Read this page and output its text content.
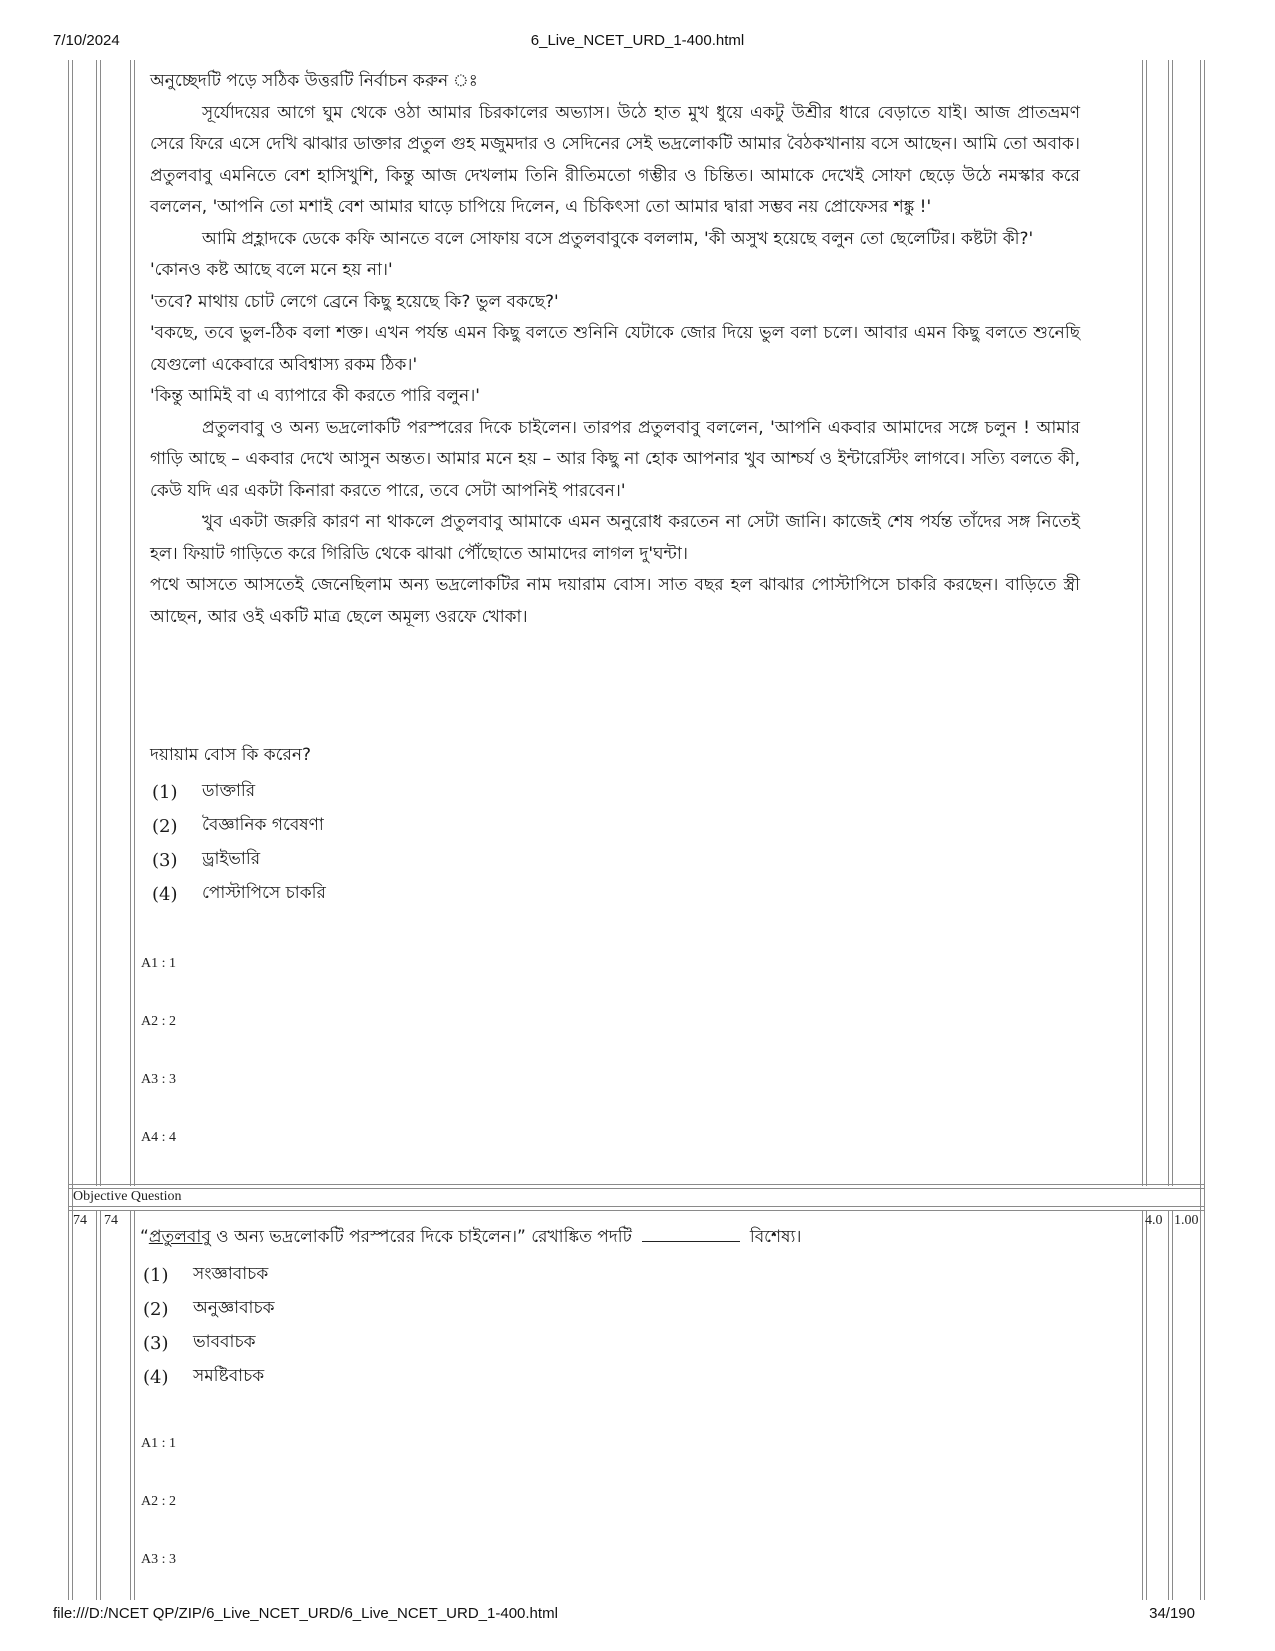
7/10/2024	6_Live_NCET_URD_1-400.html
file:///D:/NCET QP/ZIP/6_Live_NCET_URD/6_Live_NCET_URD_1-400.html	34/190

অনুচ্ছেদটি পড়ে সঠিক উত্তরটি নির্বাচন করুন ঃ

সূর্যোদয়ের আগে ঘুম থেকে ওঠা আমার চিরকালের অভ্যাস। উঠে হাত মুখ ধুয়ে একটু উশ্রীর ধারে বেড়াতে যাই। আজ প্রাতভ্রমণ সেরে ফিরে এসে দেখি ঝাঝার ডাক্তার প্রতুল গুহ মজুমদার ও সেদিনের সেই ভদ্রলোকটি আমার বৈঠকখানায় বসে আছেন। আমি তো অবাক। প্রতুলবাবু এমনিতে বেশ হাসিখুশি, কিন্তু আজ দেখলাম তিনি রীতিমতো গম্ভীর ও চিন্তিত। আমাকে দেখেই সোফা ছেড়ে উঠে নমস্কার করে বললেন, 'আপনি তো মশাই বেশ আমার ঘাড়ে চাপিয়ে দিলেন, এ চিকিৎসা তো আমার দ্বারা সম্ভব নয় প্রোফেসর শঙ্কু !'

আমি প্রহ্লাদকে ডেকে কফি আনতে বলে সোফায় বসে প্রতুলবাবুকে বললাম, 'কী অসুখ হয়েছে বলুন তো ছেলেটির। কষ্টটা কী?'

'কোনও কষ্ট আছে বলে মনে হয় না।'

'তবে? মাথায় চোট লেগে ব্রেনে কিছু হয়েছে কি? ভুল বকছে?'

'বকছে, তবে ভুল-ঠিক বলা শক্ত। এখন পর্যন্ত এমন কিছু বলতে শুনিনি যেটাকে জোর দিয়ে ভুল বলা চলে। আবার এমন কিছু বলতে শুনেছি যেগুলো একেবারে অবিশ্বাস্য রকম ঠিক।'

'কিন্তু আমিই বা এ ব্যাপারে কী করতে পারি বলুন।'

প্রতুলবাবু ও অন্য ভদ্রলোকটি পরস্পরের দিকে চাইলেন। তারপর প্রতুলবাবু বললেন, 'আপনি একবার আমাদের সঙ্গে চলুন ! আমার গাড়ি আছে – একবার দেখে আসুন অন্তত। আমার মনে হয় – আর কিছু না হোক আপনার খুব আশ্চর্য ও ইন্টারেস্টিং লাগবে। সত্যি বলতে কী, কেউ যদি এর একটা কিনারা করতে পারে, তবে সেটা আপনিই পারবেন।'

খুব একটা জরুরি কারণ না থাকলে প্রতুলবাবু আমাকে এমন অনুরোধ করতেন না সেটা জানি। কাজেই শেষ পর্যন্ত তাঁদের সঙ্গ নিতেই হল। ফিয়াট গাড়িতে করে গিরিডি থেকে ঝাঝা পৌঁছোতে আমাদের লাগল দু'ঘন্টা।

পথে আসতে আসতেই জেনেছিলাম অন্য ভদ্রলোকটির নাম দয়ারাম বোস। সাত বছর হল ঝাঝার পোস্টাপিসে চাকরি করছেন। বাড়িতে স্ত্রী আছেন, আর ওই একটি মাত্র ছেলে অমূল্য ওরফে খোকা।

দয়ায়াম বোস কি করেন?
(1)	ডাক্তারি
(2)	বৈজ্ঞানিক গবেষণা
(3)	ড্রাইভারি
(4)	পোস্টাপিসে চাকরি
A1 : 1
A2 : 2
A3 : 3
A4 : 4
Objective Question
74 74	4.0 1.00
“প্রতুলবাবু ও অন্য ভদ্রলোকটি পরস্পরের দিকে চাইলেন।” রেখাঙ্কিত পদটি	বিশেষ্য।
(1)	সংজ্ঞাবাচক
(2)	অনুজ্ঞাবাচক
(3)	ভাববাচক
(4)	সমষ্টিবাচক
A1 : 1
A2 : 2
A3 : 3
